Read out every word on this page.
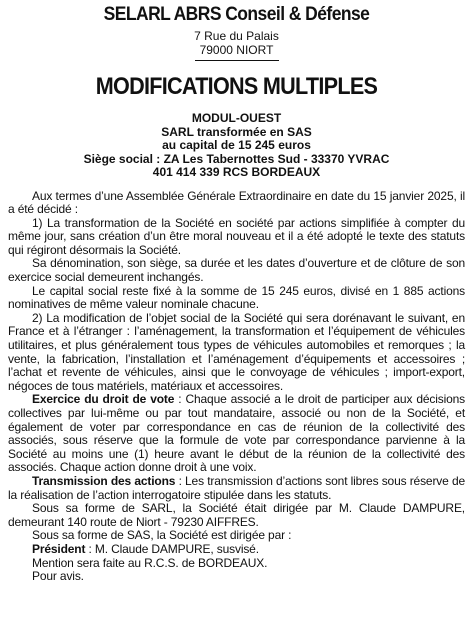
SELARL ABRS Conseil & Défense
7 Rue du Palais
79000 NIORT
MODIFICATIONS MULTIPLES
MODUL-OUEST
SARL transformée en SAS
au capital de 15 245 euros
Siège social : ZA Les Tabernottes Sud - 33370 YVRAC
401 414 339 RCS BORDEAUX

Aux termes d’une Assemblée Générale Extraordinaire en date du 15 janvier 2025, il a été décidé :

1) La transformation de la Société en société par actions simplifiée à compter du même jour, sans création d’un être moral nouveau et il a été adopté le texte des statuts qui régiront désormais la Société.

Sa dénomination, son siège, sa durée et les dates d’ouverture et de clôture de son exercice social demeurent inchangés.

Le capital social reste fixé à la somme de 15 245 euros, divisé en 1 885 actions nominatives de même valeur nominale chacune.

2) La modification de l’objet social de la Société qui sera dorénavant le suivant, en France et à l’étranger : l’aménagement, la transformation et l’équipement de véhicules utilitaires, et plus généralement tous types de véhicules automobiles et remorques ; la vente, la fabrication, l’installation et l’aménagement d’équipements et accessoires ; l’achat et revente de véhicules, ainsi que le convoyage de véhicules ; import-export, négoces de tous matériels, matériaux et accessoires.

Exercice du droit de vote : Chaque associé a le droit de participer aux décisions collectives par lui-même ou par tout mandataire, associé ou non de la Société, et également de voter par correspondance en cas de réunion de la collectivité des associés, sous réserve que la formule de vote par correspondance parvienne à la Société au moins une (1) heure avant le début de la réunion de la collectivité des associés. Chaque action donne droit à une voix.

Transmission des actions : Les transmission d’actions sont libres sous réserve de la réalisation de l’action interrogatoire stipulée dans les statuts.

Sous sa forme de SARL, la Société était dirigée par M. Claude DAMPURE, demeurant 140 route de Niort - 79230 AIFFRES.

Sous sa forme de SAS, la Société est dirigée par :

Président : M. Claude DAMPURE, susvisé.

Mention sera faite au R.C.S. de BORDEAUX.

Pour avis.
